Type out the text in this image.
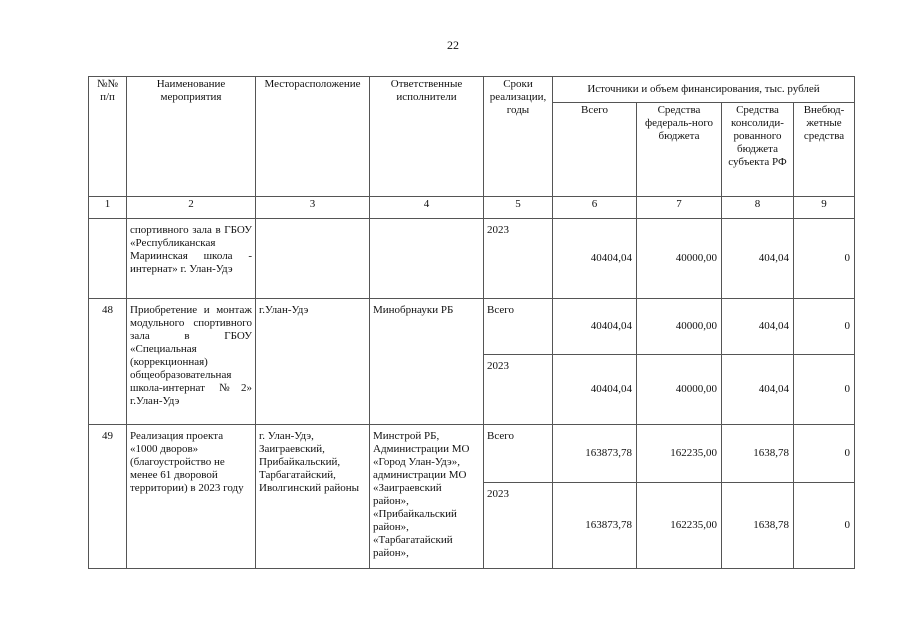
22
№№ п/п	Наименование мероприятия	Месторасположение	Ответственные исполнители	Сроки реализации, годы	Источники и объем финансирования, тыс. рублей			
					Всего	Средства федераль-ного бюджета	Средства консолиди-рованного бюджета субъекта РФ	Внебюд-жетные средства
1	2	3	4	5	6	7	8	9
	спортивного зала в ГБОУ «Республиканская Мариинская школа - интернат» г. Улан-Удэ			2023	40404,04	40000,00	404,04	0
48	Приобретение и монтаж модульного спортивного зала в ГБОУ «Специальная (коррекционная) общеобразовательная школа-интернат №2» г.Улан-Удэ	г.Улан-Удэ	Минобрнауки РБ	Всего	40404,04	40000,00	404,04	0
				2023	40404,04	40000,00	404,04	0
49	Реализация проекта «1000 дворов» (благоустройство не менее 61 дворовой территории) в 2023 году	г. Улан-Удэ, Заиграевский, Прибайкальский, Тарбагатайский, Иволгинский районы	Минстрой РБ, Администрации МО «Город Улан-Удэ», администрации МО «Заиграевский район», «Прибайкальский район», «Тарбагатайский район»,	Всего	163873,78	162235,00	1638,78	0
				2023	163873,78	162235,00	1638,78	0
